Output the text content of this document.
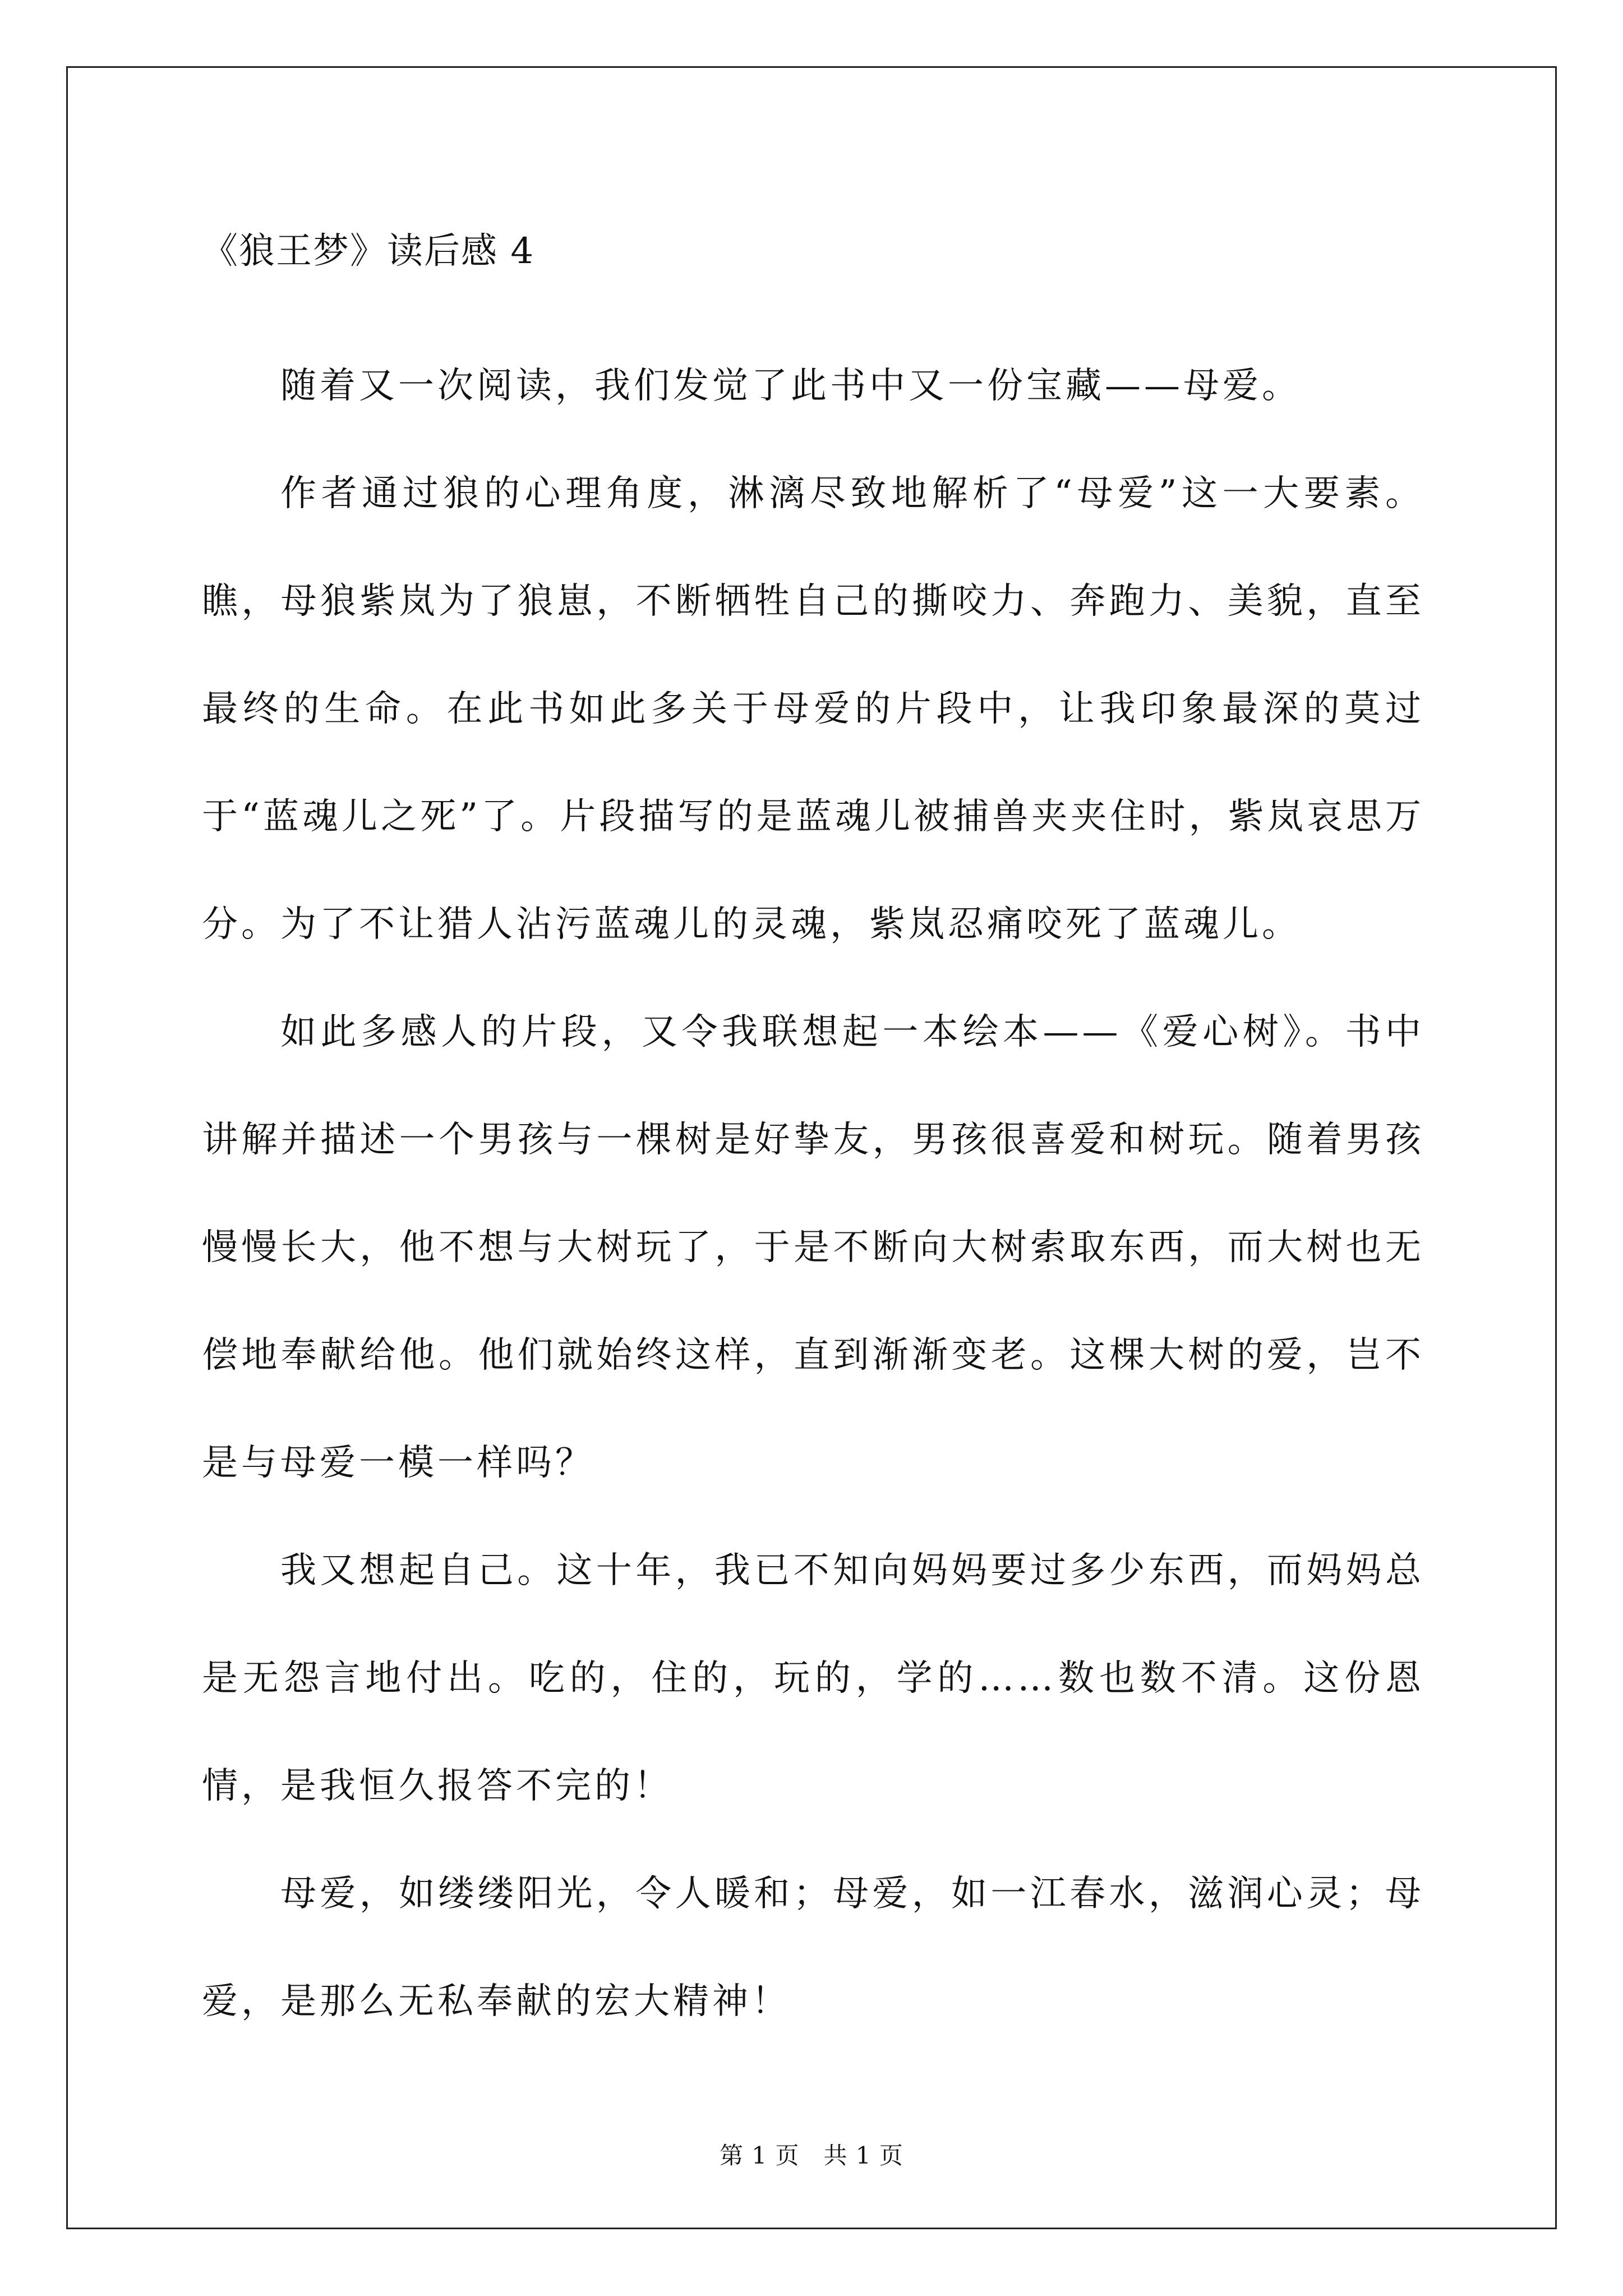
《狼王梦》读后感 4

随着又一次阅读，我们发觉了此书中又一份宝藏——母爱。

作者通过狼的心理角度，淋漓尽致地解析了“母爱”这一大要素。瞧，母狼紫岚为了狼崽，不断牺牲自己的撕咬力、奔跑力、美貌，直至最终的生命。在此书如此多关于母爱的片段中，让我印象最深的莫过于“蓝魂儿之死”了。片段描写的是蓝魂儿被捕兽夹夹住时，紫岚哀思万分。为了不让猎人沾污蓝魂儿的灵魂，紫岚忍痛咬死了蓝魂儿。

如此多感人的片段，又令我联想起一本绘本——《爱心树》。书中讲解并描述一个男孩与一棵树是好挚友，男孩很喜爱和树玩。随着男孩慢慢长大，他不想与大树玩了，于是不断向大树索取东西，而大树也无偿地奉献给他。他们就始终这样，直到渐渐变老。这棵大树的爱，岂不是与母爱一模一样吗？

我又想起自己。这十年，我已不知向妈妈要过多少东西，而妈妈总是无怨言地付出。吃的，住的，玩的，学的……数也数不清。这份恩情，是我恒久报答不完的！

母爱，如缕缕阳光，令人暖和；母爱，如一江春水，滋润心灵；母爱，是那么无私奉献的宏大精神！

第 1 页　共 1 页
